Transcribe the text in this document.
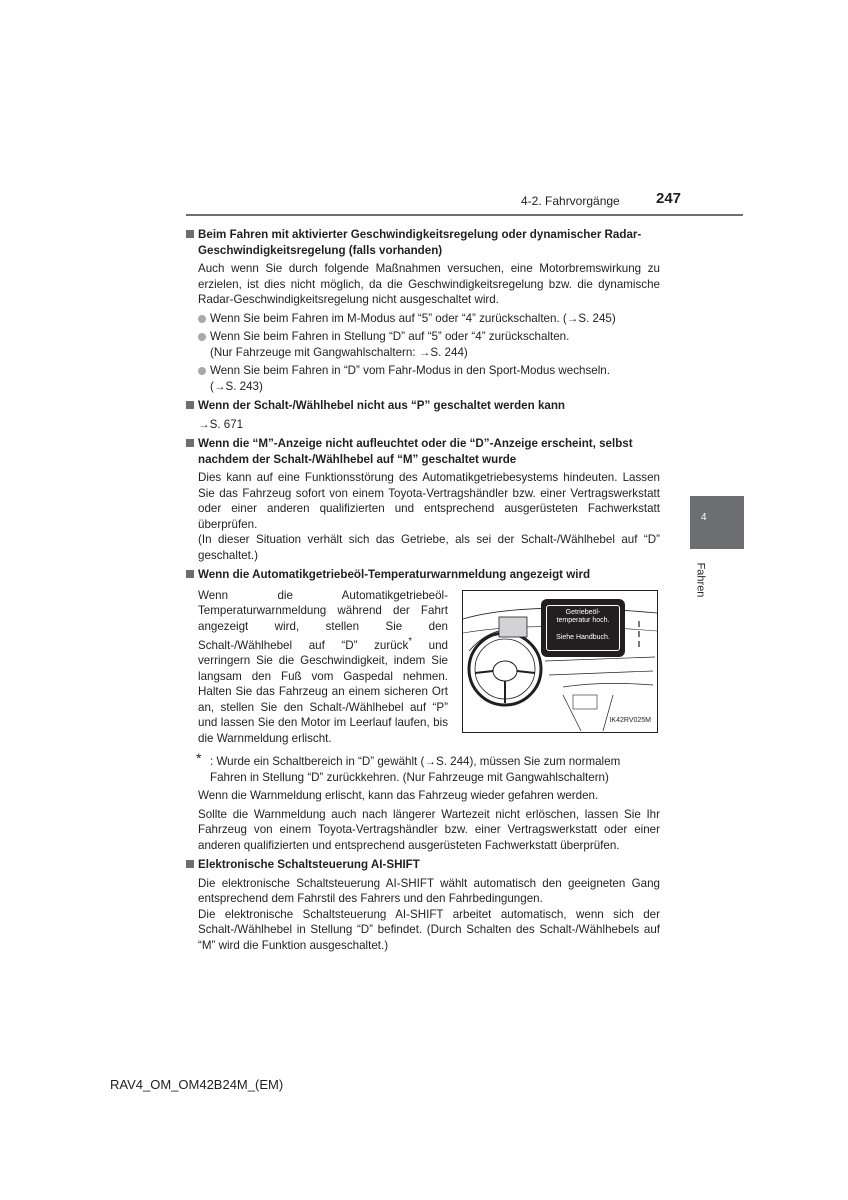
4-2. Fahrvorgänge 247
4
Fahren
Beim Fahren mit aktivierter Geschwindigkeitsregelung oder dynamischer Radar-Geschwindigkeitsregelung (falls vorhanden)
Auch wenn Sie durch folgende Maßnahmen versuchen, eine Motorbremswirkung zu erzielen, ist dies nicht möglich, da die Geschwindigkeitsregelung bzw. die dynamische Radar-Geschwindigkeitsregelung nicht ausgeschaltet wird.
Wenn Sie beim Fahren im M-Modus auf “5” oder “4” zurückschalten. (→S. 245)
Wenn Sie beim Fahren in Stellung “D” auf “5” oder “4” zurückschalten.
(Nur Fahrzeuge mit Gangwahlschaltern: →S. 244)
Wenn Sie beim Fahren in “D” vom Fahr-Modus in den Sport-Modus wechseln.
(→S. 243)
Wenn der Schalt-/Wählhebel nicht aus “P” geschaltet werden kann
→S. 671
Wenn die “M”-Anzeige nicht aufleuchtet oder die “D”-Anzeige erscheint, selbst nachdem der Schalt-/Wählhebel auf “M” geschaltet wurde
Dies kann auf eine Funktionsstörung des Automatikgetriebesystems hindeuten. Lassen Sie das Fahrzeug sofort von einem Toyota-Vertragshändler bzw. einer Vertragswerkstatt oder einer anderen qualifizierten und entsprechend ausgerüsteten Fachwerkstatt überprüfen.
(In dieser Situation verhält sich das Getriebe, als sei der Schalt-/Wählhebel auf “D” geschaltet.)
Wenn die Automatikgetriebeöl-Temperaturwarnmeldung angezeigt wird
Wenn die Automatikgetriebeöl-Temperaturwarnmeldung während der Fahrt angezeigt wird, stellen Sie den Schalt-/Wählhebel auf “D” zurück* und verringern Sie die Geschwindigkeit, indem Sie langsam den Fuß vom Gaspedal nehmen. Halten Sie das Fahrzeug an einem sicheren Ort an, stellen Sie den Schalt-/Wählhebel auf “P” und lassen Sie den Motor im Leerlauf laufen, bis die Warnmeldung erlischt.
Getriebeöl-
temperatur hoch.
Siehe Handbuch.
IK42RV025M
* : Wurde ein Schaltbereich in “D” gewählt (→S. 244), müssen Sie zum normalem Fahren in Stellung “D” zurückkehren. (Nur Fahrzeuge mit Gangwahlschaltern)
Wenn die Warnmeldung erlischt, kann das Fahrzeug wieder gefahren werden.
Sollte die Warnmeldung auch nach längerer Wartezeit nicht erlöschen, lassen Sie Ihr Fahrzeug von einem Toyota-Vertragshändler bzw. einer Vertragswerkstatt oder einer anderen qualifizierten und entsprechend ausgerüsteten Fachwerkstatt überprüfen.
Elektronische Schaltsteuerung AI-SHIFT
Die elektronische Schaltsteuerung AI-SHIFT wählt automatisch den geeigneten Gang entsprechend dem Fahrstil des Fahrers und den Fahrbedingungen.
Die elektronische Schaltsteuerung AI-SHIFT arbeitet automatisch, wenn sich der Schalt-/Wählhebel in Stellung “D” befindet. (Durch Schalten des Schalt-/Wählhebels auf “M” wird die Funktion ausgeschaltet.)
RAV4_OM_OM42B24M_(EM)
